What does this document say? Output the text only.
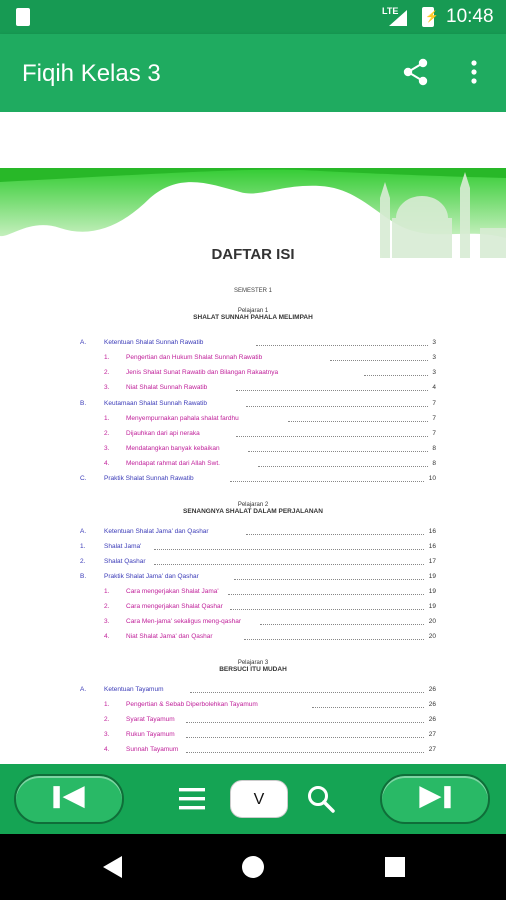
LTE ⚡ 10:48
Fiqih Kelas 3
DAFTAR ISI
SEMESTER 1
Pelajaran 1
SHALAT SUNNAH PAHALA MELIMPAH
A.	Ketentuan Shalat Sunnah Rawatib	3
1.	Pengertian dan Hukum Shalat Sunnah Rawatib	3
2.	Jenis Shalat Sunat Rawatib dan Bilangan Rakaatnya	3
3.	Niat Shalat Sunnah Rawatib	4
B.	Keutamaan Shalat Sunnah Rawatib	7
1.	Menyempurnakan pahala shalat fardhu	7
2.	Dijauhkan dari api neraka	7
3.	Mendatangkan banyak kebaikan	8
4.	Mendapat rahmat dari Allah Swt.	8
C.	Praktik Shalat Sunnah Rawatib	10
Pelajaran 2
SENANGNYA SHALAT DALAM PERJALANAN
A.	Ketentuan Shalat Jama' dan Qashar	16
1.	Shalat Jama'	16
2.	Shalat Qashar	17
B.	Praktik Shalat Jama' dan Qashar	19
1.	Cara mengerjakan Shalat Jama'	19
2.	Cara mengerjakan Shalat Qashar	19
3.	Cara Men-jama' sekaligus meng-qashar	20
4.	Niat Shalat Jama' dan Qashar	20
Pelajaran 3
BERSUCI ITU MUDAH
A.	Ketentuan Tayamum	26
1.	Pengertian & Sebab Diperbolehkan Tayamum	26
2.	Syarat Tayamum	26
3.	Rukun Tayamum	27
4.	Sunnah Tayamum	27
V
